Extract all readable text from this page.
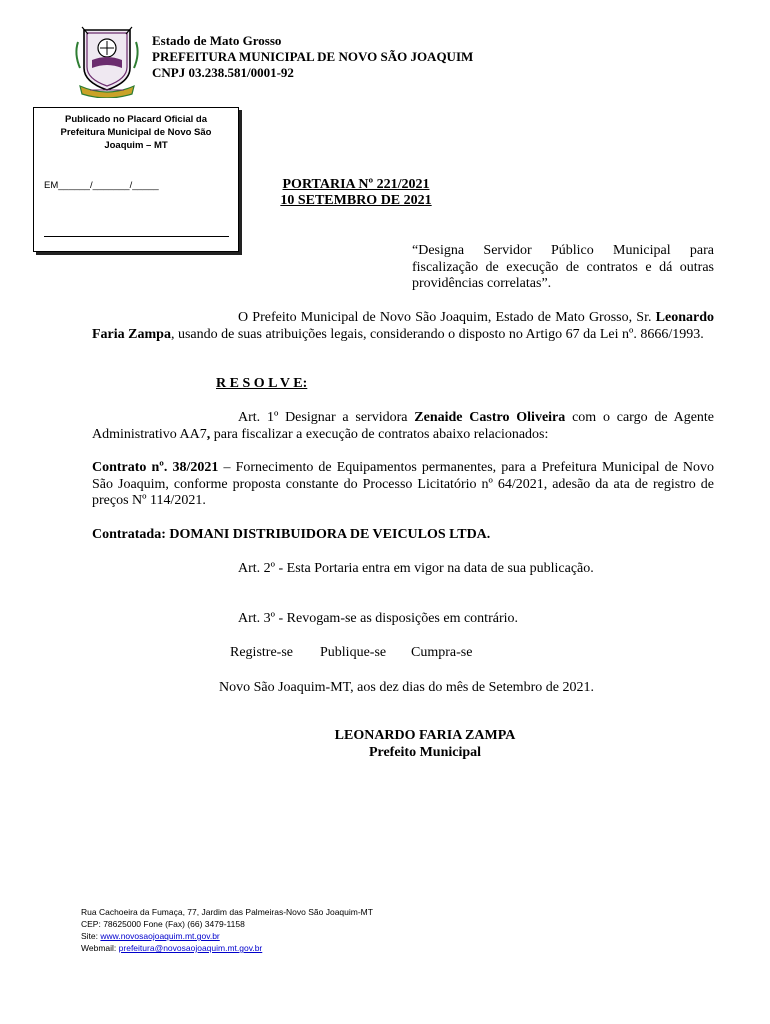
Estado de Mato Grosso
PREFEITURA MUNICIPAL DE NOVO SÃO JOAQUIM
CNPJ 03.238.581/0001-92
Publicado no Placard Oficial da Prefeitura Municipal de Novo São Joaquim – MT
EM______/_______/_____	PORTARIA Nº 221/2021
10 SETEMBRO DE 2021
“Designa Servidor Público Municipal para fiscalização de execução de contratos e dá outras providências correlatas”.
O Prefeito Municipal de Novo São Joaquim, Estado de Mato Grosso, Sr. Leonardo Faria Zampa, usando de suas atribuições legais, considerando o disposto no Artigo 67 da Lei nº. 8666/1993.
R E S O L V E:
Art. 1º Designar a servidora Zenaide Castro Oliveira com o cargo de Agente Administrativo AA7, para fiscalizar a execução de contratos abaixo relacionados:
Contrato nº. 38/2021 – Fornecimento de Equipamentos permanentes, para a Prefeitura Municipal de Novo São Joaquim, conforme proposta constante do Processo Licitatório nº 64/2021, adesão da ata de registro de preços Nº 114/2021.
Contratada: DOMANI DISTRIBUIDORA DE VEICULOS LTDA.
Art. 2º - Esta Portaria entra em vigor na data de sua publicação.
Art. 3º - Revogam-se as disposições em contrário.
Registre-se Publique-se Cumpra-se
Novo São Joaquim-MT, aos dez dias do mês de Setembro de 2021.
LEONARDO FARIA ZAMPA
Prefeito Municipal
Rua Cachoeira da Fumaça, 77, Jardim das Palmeiras-Novo São Joaquim-MT
CEP: 78625000 Fone (Fax) (66) 3479-1158
Site: www.novosaojoaquim.mt.gov.br
Webmail: prefeitura@novosaojoaquim.mt.gov.br
